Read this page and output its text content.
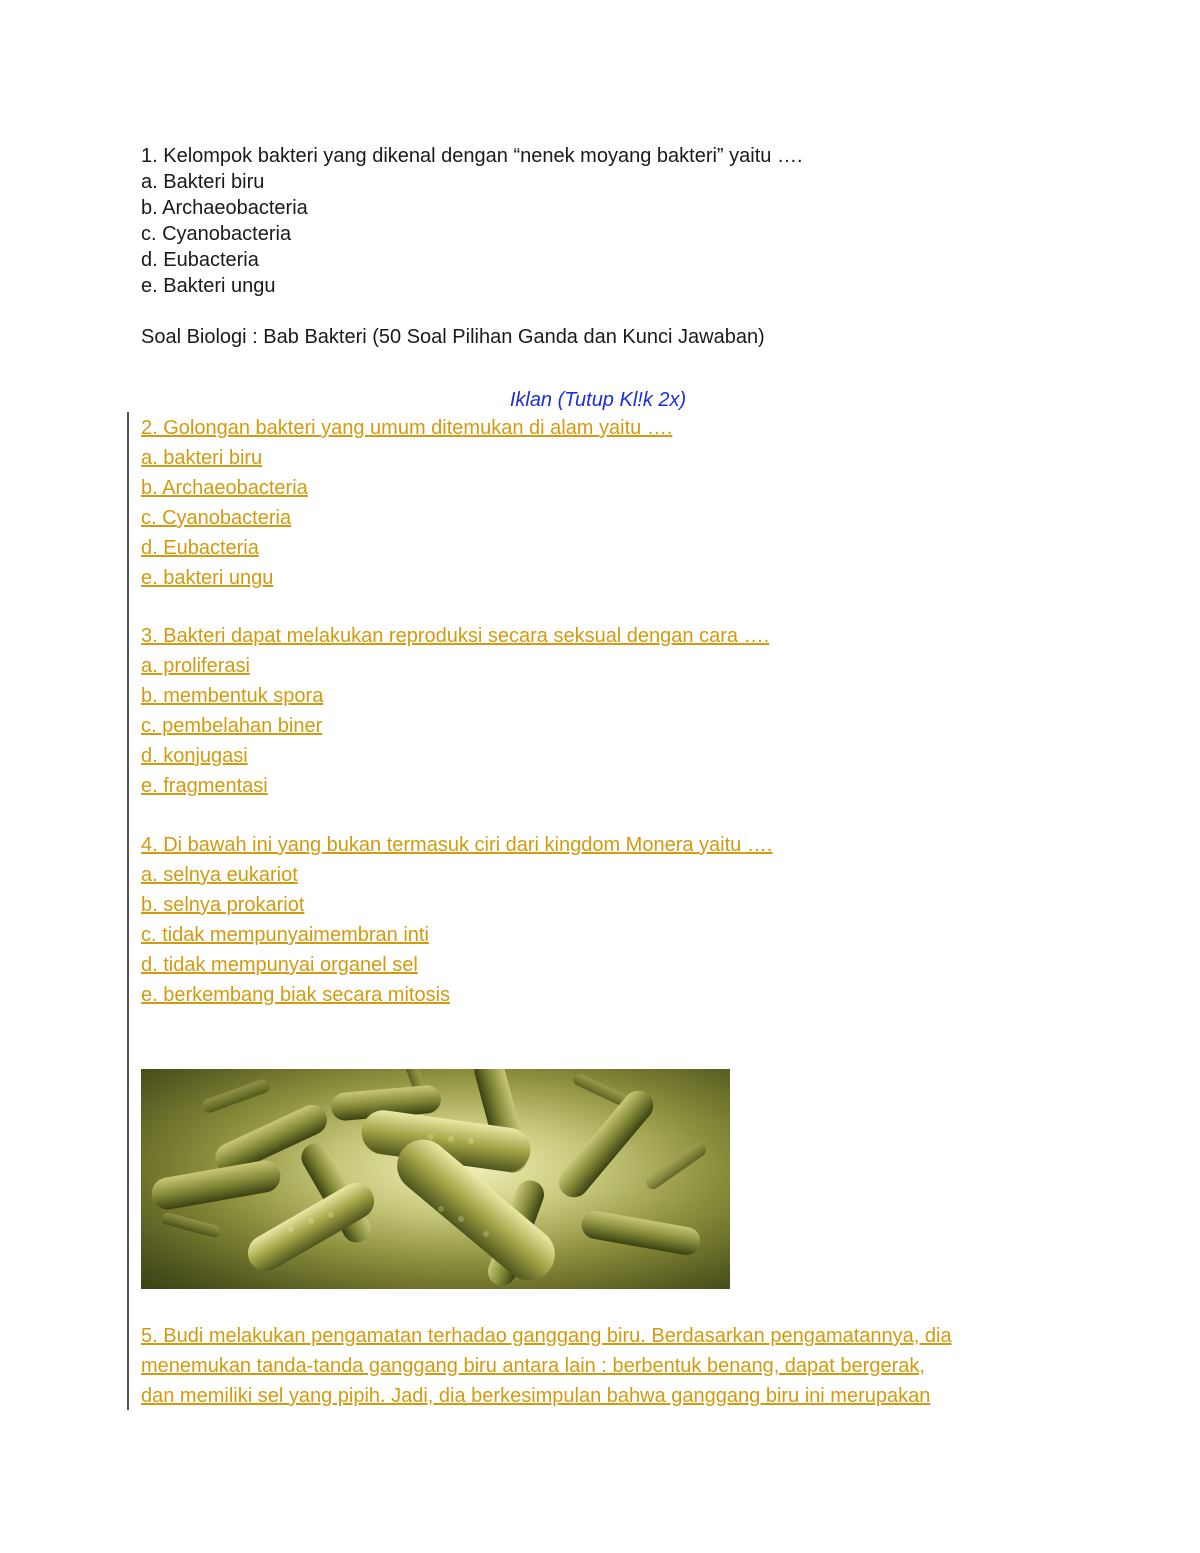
1. Kelompok bakteri yang dikenal dengan “nenek moyang bakteri” yaitu ….
a. Bakteri biru
b. Archaeobacteria
c. Cyanobacteria
d. Eubacteria
e. Bakteri ungu
Soal Biologi : Bab Bakteri (50 Soal Pilihan Ganda dan Kunci Jawaban)
Iklan (Tutup Kl!k 2x)
2. Golongan bakteri yang umum ditemukan di alam yaitu ….
a. bakteri biru
b. Archaeobacteria
c. Cyanobacteria
d. Eubacteria
e. bakteri ungu
3. Bakteri dapat melakukan reproduksi secara seksual dengan cara ….
a. proliferasi
b. membentuk spora
c. pembelahan biner
d. konjugasi
e. fragmentasi
4. Di bawah ini yang bukan termasuk ciri dari kingdom Monera yaitu ….
a. selnya eukariot
b. selnya prokariot
c. tidak mempunyaimembran inti
d. tidak mempunyai organel sel
e. berkembang biak secara mitosis
5. Budi melakukan pengamatan terhadao ganggang biru. Berdasarkan pengamatannya, dia
menemukan tanda-tanda ganggang biru antara lain : berbentuk benang, dapat bergerak,
dan memiliki sel yang pipih. Jadi, dia berkesimpulan bahwa ganggang biru ini merupakan
